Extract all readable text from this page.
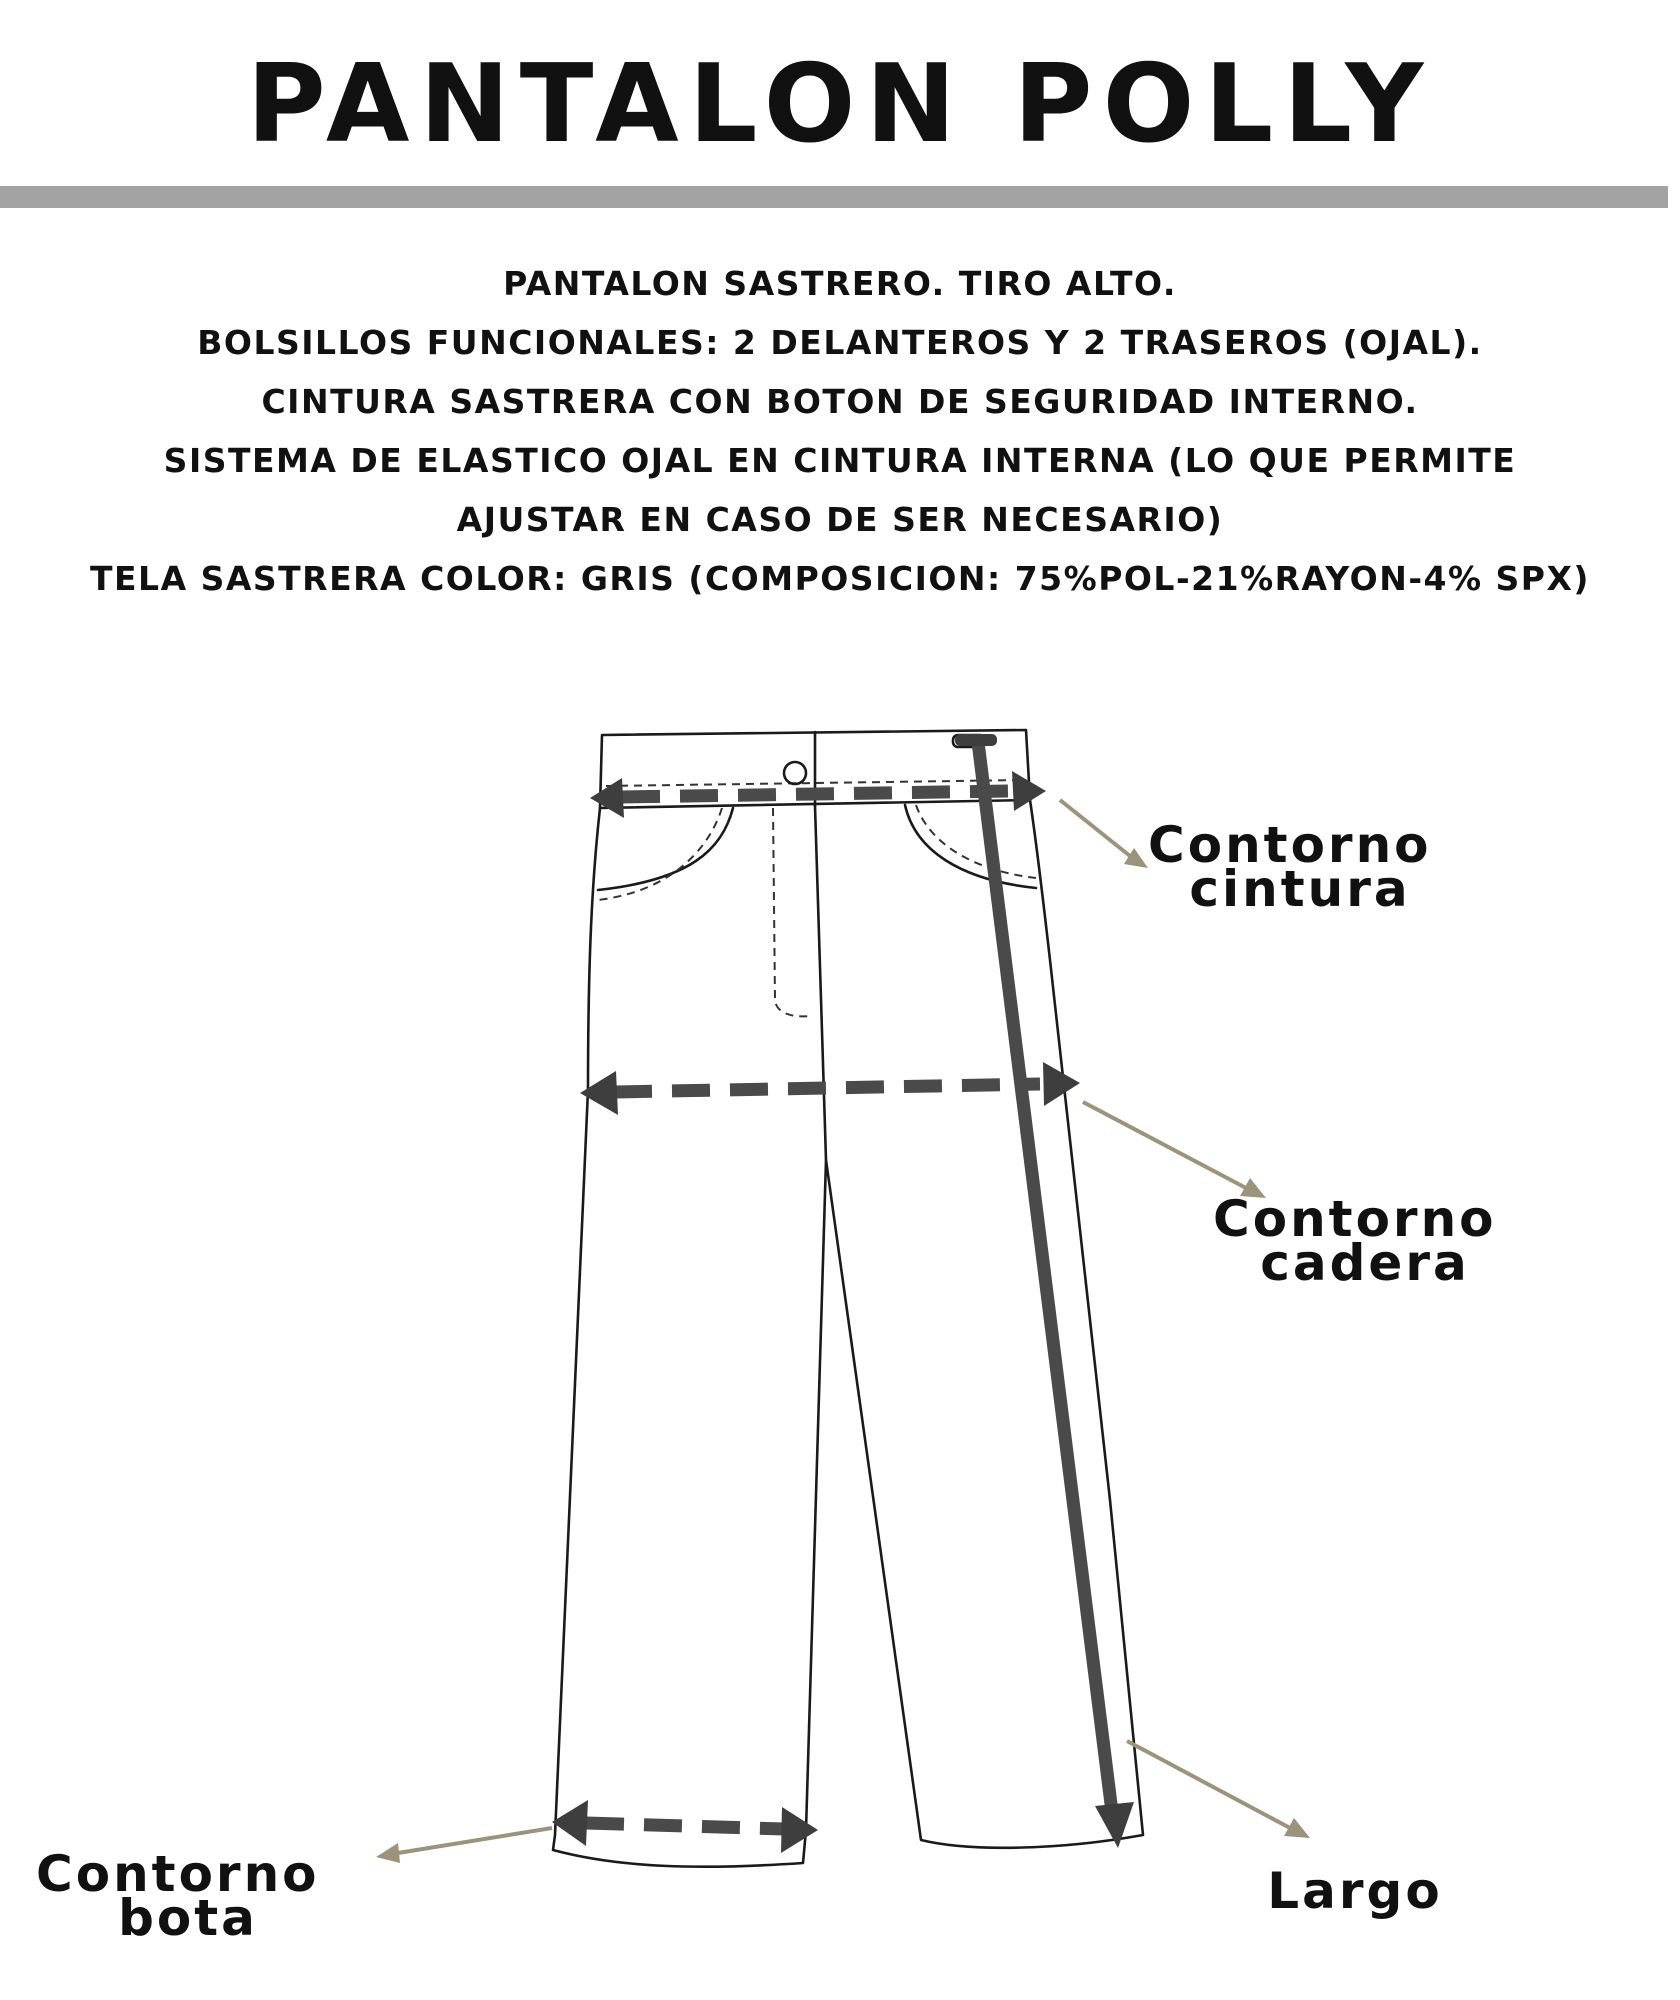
PANTALON POLLY
PANTALON SASTRERO. TIRO ALTO.
BOLSILLOS FUNCIONALES: 2 DELANTEROS Y 2 TRASEROS (OJAL).
CINTURA SASTRERA CON BOTON DE SEGURIDAD INTERNO.
SISTEMA DE ELASTICO OJAL EN CINTURA INTERNA (LO QUE PERMITE
AJUSTAR EN CASO DE SER NECESARIO)
TELA SASTRERA COLOR: GRIS (COMPOSICION: 75%POL-21%RAYON-4% SPX)
Contorno cintura
Contorno cadera
Contorno bota	Largo
